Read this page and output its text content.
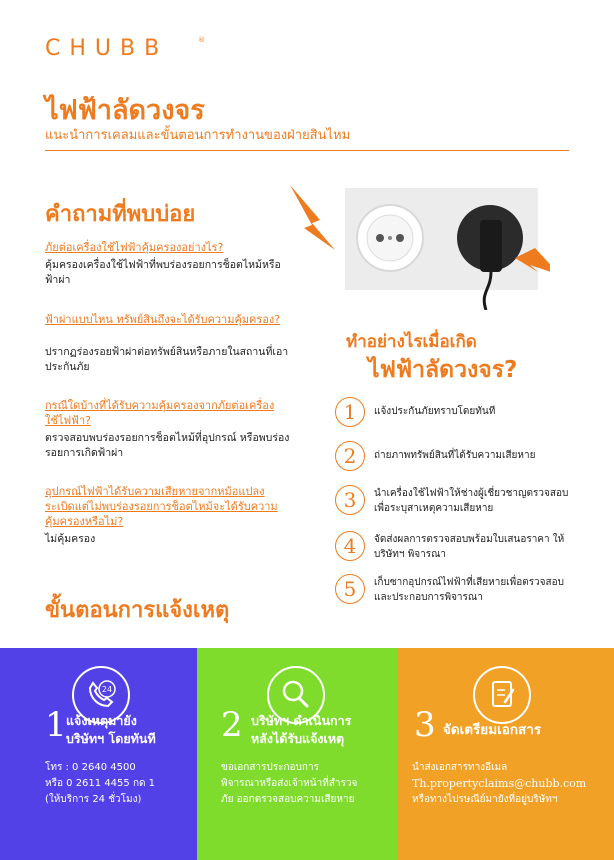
CHUBB	®
ไฟฟ้าลัดวงจร
แนะนำการเคลมและขั้นตอนการทำงานของฝ่ายสินไหม
คำถามที่พบบ่อย
ภัยต่อเครื่องใช้ไฟฟ้าคุ้มครองอย่างไร?
คุ้มครองเครื่องใช้ไฟฟ้าที่พบร่องรอยการช็อตไหม้หรือฟ้าผ่า
ฟ้าผ่าแบบไหน ทรัพย์สินถึงจะได้รับความคุ้มครอง?
ปรากฏร่องรอยฟ้าผ่าต่อทรัพย์สินหรือภายในสถานที่เอาประกันภัย
กรณีใดบ้างที่ได้รับความคุ้มครองจากภัยต่อเครื่องใช้ไฟฟ้า?
ตรวจสอบพบร่องรอยการช็อตไหม้ที่อุปกรณ์ หรือพบร่องรอยการเกิดฟ้าผ่า
อุปกรณ์ไฟฟ้าได้รับความเสียหายจากหม้อแปลงระเบิดแต่ไม่พบร่องรอยการช็อตไหม้จะได้รับความคุ้มครองหรือไม่?
ไม่คุ้มครอง
ทำอย่างไรเมื่อเกิด
ไฟฟ้าลัดวงจร?
1	แจ้งประกันภัยทราบโดยทันที
2	ถ่ายภาพทรัพย์สินที่ได้รับความเสียหาย
3	นำเครื่องใช้ไฟฟ้าให้ช่างผู้เชี่ยวชาญตรวจสอบเพื่อระบุสาเหตุความเสียหาย
4	จัดส่งผลการตรวจสอบพร้อมใบเสนอราคา ให้บริษัทฯ พิจารณา
5	เก็บซากอุปกรณ์ไฟฟ้าที่เสียหายเพื่อตรวจสอบ และประกอบการพิจารณา
ขั้นตอนการแจ้งเหตุ
24
1 แจ้งเหตุมายัง
บริษัทฯ โดยทันที
โทร : 0 2640 4500
หรือ 0 2611 4455 กด 1
(ให้บริการ 24 ชั่วโมง)
2 บริษัทฯ ดำเนินการ
หลังได้รับแจ้งเหตุ
ขอเอกสารประกอบการ
พิจารณาหรือส่งเจ้าหน้าที่สำรวจ
ภัย ออกตรวจสอบความเสียหาย
3 จัดเตรียมเอกสาร
นำส่งเอกสารทางอีเมล
Th.propertyclaims@chubb.com
หรือทางไปรษณีย์มายังที่อยู่บริษัทฯ
